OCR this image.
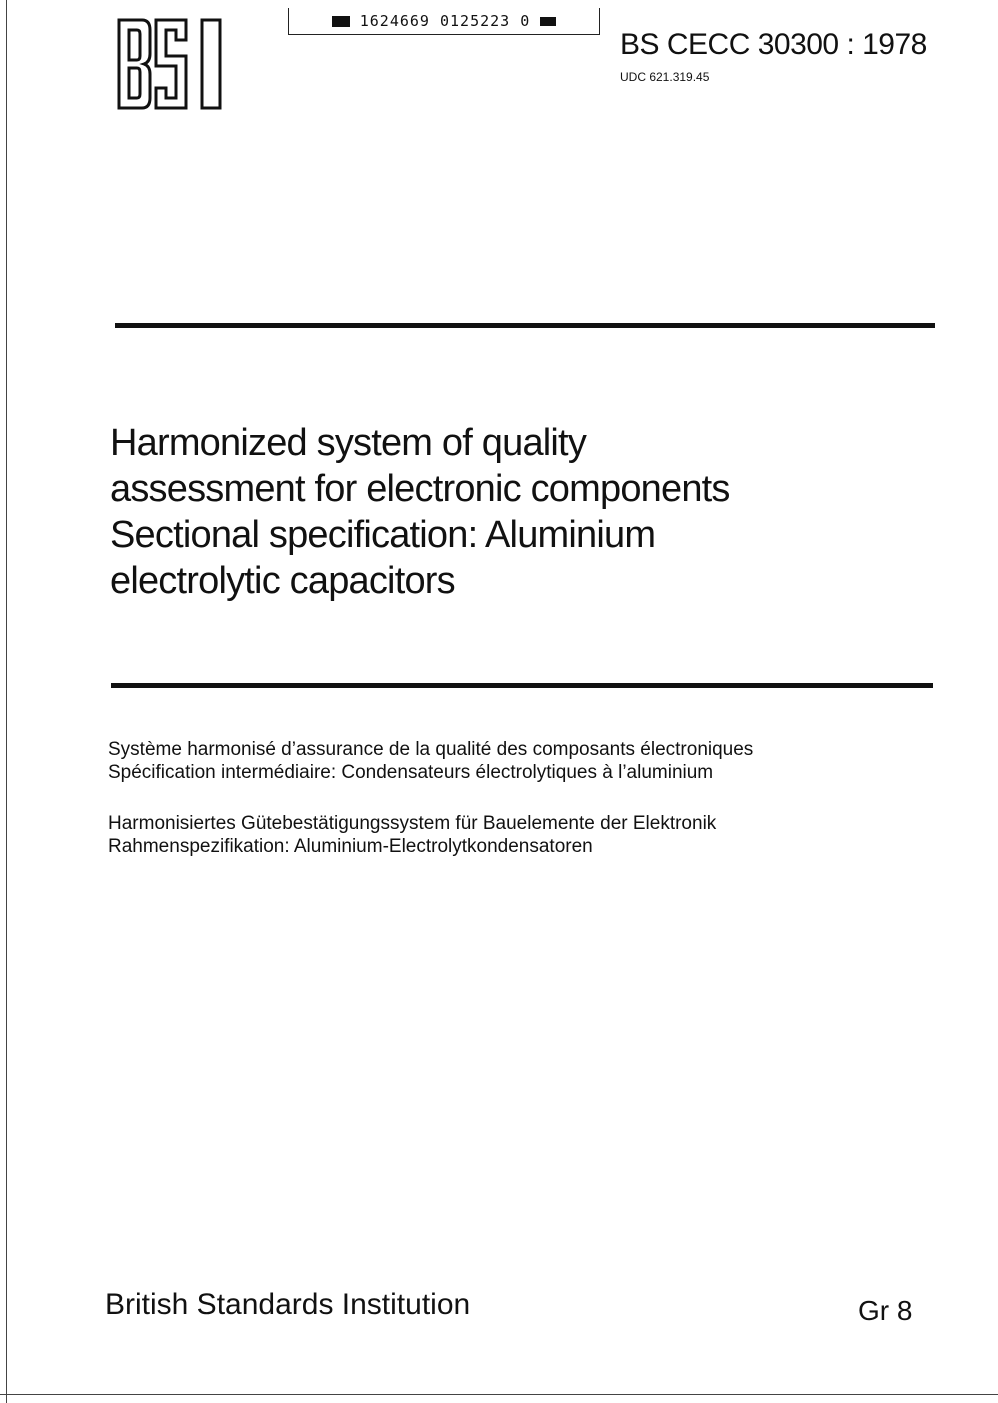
1624669 0125223 0
BS CECC 30300 : 1978
UDC 621.319.45
Harmonized system of quality
assessment for electronic components
Sectional specification: Aluminium
electrolytic capacitors
Système harmonisé d’assurance de la qualité des composants électroniques
Spécification intermédiaire: Condensateurs électrolytiques à l’aluminium
Harmonisiertes Gütebestätigungssystem für Bauelemente der Elektronik
Rahmenspezifikation: Aluminium-Electrolytkondensatoren
British Standards Institution	Gr 8
